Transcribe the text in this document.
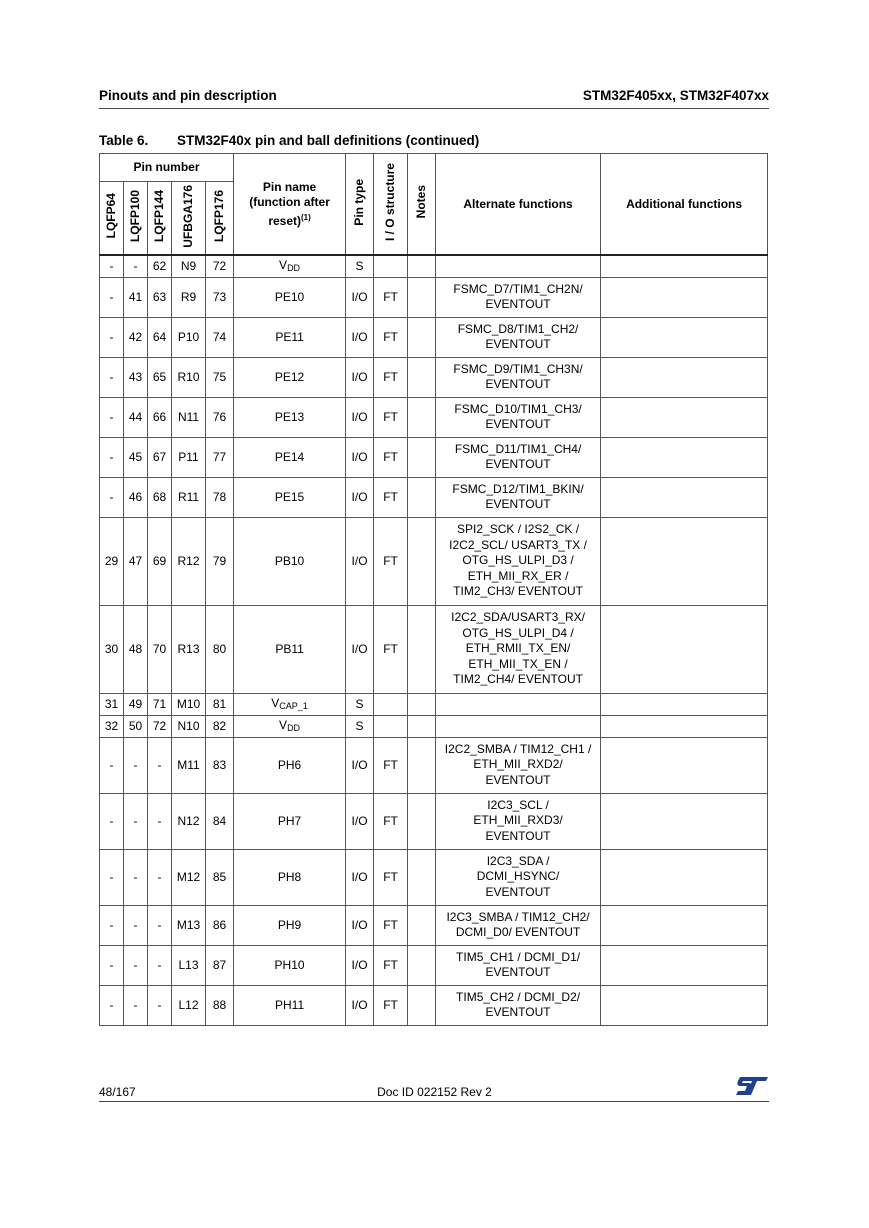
Pinouts and pin description	STM32F405xx, STM32F407xx
Table 6. STM32F40x pin and ball definitions (continued)
Pin number					Pin name
(function after
reset)$^{(1)}$	Pin type	I / O structure	Notes	Alternate functions	Additional functions
LQFP64	LQFP100	LQFP144	UFBGA176	LQFP176						
-	-	62	N9	72	$V_{DD}$	S				
-	41	63	R9	73	PE10	I/O	FT		FSMC_D7/TIM1_CH2N/
EVENTOUT	

-	42	64	P10	74	PE11	I/O	FT		FSMC_D8/TIM1_CH2/
EVENTOUT	

-	43	65	R10	75	PE12	I/O	FT		FSMC_D9/TIM1_CH3N/
EVENTOUT	

-	44	66	N11	76	PE13	I/O	FT		FSMC_D10/TIM1_CH3/
EVENTOUT	

-	45	67	P11	77	PE14	I/O	FT		FSMC_D11/TIM1_CH4/
EVENTOUT	

-	46	68	R11	78	PE15	I/O	FT		FSMC_D12/TIM1_BKIN/
EVENTOUT	

29	47	69	R12	79	PB10	I/O	FT		SPI2_SCK / I2S2_CK /
I2C2_SCL/ USART3_TX /
OTG_HS_ULPI_D3 /
ETH_MII_RX_ER /
TIM2_CH3/ EVENTOUT	

30	48	70	R13	80	PB11	I/O	FT		I2C2_SDA/USART3_RX/
OTG_HS_ULPI_D4 /
ETH_RMII_TX_EN/
ETH_MII_TX_EN /
TIM2_CH4/ EVENTOUT	

31	49	71	M10	81	$V_{CAP\_1}$	S				
32	50	72	N10	82	$V_{DD}$	S				
-	-	-	M11	83	PH6	I/O	FT		I2C2_SMBA / TIM12_CH1 /
ETH_MII_RXD2/
EVENTOUT	

-	-	-	N12	84	PH7	I/O	FT		I2C3_SCL /
ETH_MII_RXD3/
EVENTOUT	

-	-	-	M12	85	PH8	I/O	FT		I2C3_SDA /
DCMI_HSYNC/
EVENTOUT	

-	-	-	M13	86	PH9	I/O	FT		I2C3_SMBA / TIM12_CH2/
DCMI_D0/ EVENTOUT	

-	-	-	L13	87	PH10	I/O	FT		TIM5_CH1 / DCMI_D1/
EVENTOUT	

-	-	-	L12	88	PH11	I/O	FT		TIM5_CH2 / DCMI_D2/
EVENTOUT	

48/167	Doc ID 022152 Rev 2
